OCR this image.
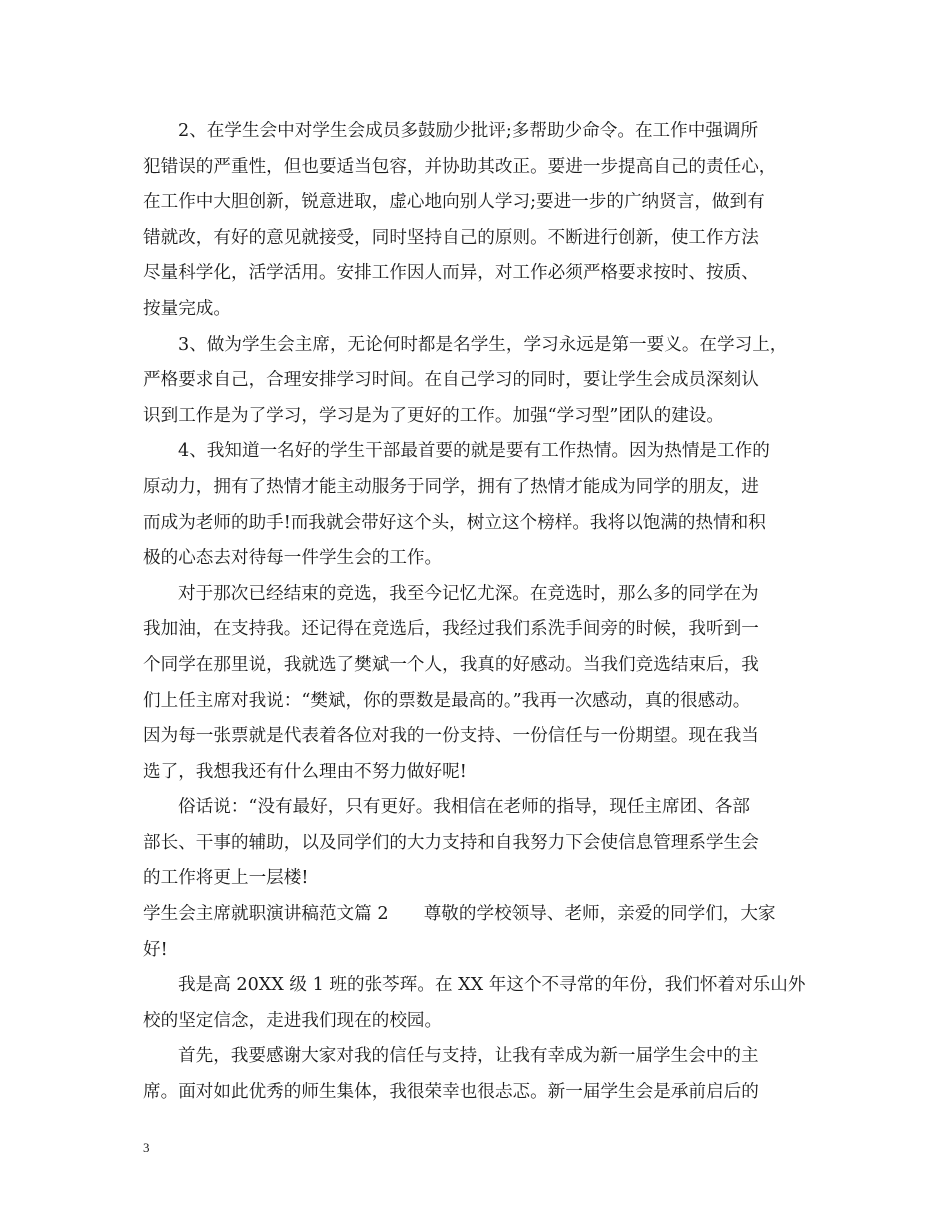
2、在学生会中对学生会成员多鼓励少批评;多帮助少命令。在工作中强调所
犯错误的严重性，但也要适当包容，并协助其改正。要进一步提高自己的责任心，
在工作中大胆创新，锐意进取，虚心地向别人学习;要进一步的广纳贤言，做到有
错就改，有好的意见就接受，同时坚持自己的原则。不断进行创新，使工作方法
尽量科学化，活学活用。安排工作因人而异，对工作必须严格要求按时、按质、
按量完成。
3、做为学生会主席，无论何时都是名学生，学习永远是第一要义。在学习上，
严格要求自己，合理安排学习时间。在自己学习的同时，要让学生会成员深刻认
识到工作是为了学习，学习是为了更好的工作。加强“学习型”团队的建设。
4、我知道一名好的学生干部最首要的就是要有工作热情。因为热情是工作的
原动力，拥有了热情才能主动服务于同学，拥有了热情才能成为同学的朋友，进
而成为老师的助手!而我就会带好这个头，树立这个榜样。我将以饱满的热情和积
极的心态去对待每一件学生会的工作。
对于那次已经结束的竞选，我至今记忆尤深。在竞选时，那么多的同学在为
我加油，在支持我。还记得在竞选后，我经过我们系洗手间旁的时候，我听到一
个同学在那里说，我就选了樊斌一个人，我真的好感动。当我们竞选结束后，我
们上任主席对我说：“樊斌，你的票数是最高的。”我再一次感动，真的很感动。
因为每一张票就是代表着各位对我的一份支持、一份信任与一份期望。现在我当
选了，我想我还有什么理由不努力做好呢!
俗话说：“没有最好，只有更好。我相信在老师的指导，现任主席团、各部
部长、干事的辅助，以及同学们的大力支持和自我努力下会使信息管理系学生会
的工作将更上一层楼!
学生会主席就职演讲稿范文篇 2　　尊敬的学校领导、老师，亲爱的同学们，大家
好!
我是高 20XX 级 1 班的张芩珲。在 XX 年这个不寻常的年份，我们怀着对乐山外
校的坚定信念，走进我们现在的校园。
首先，我要感谢大家对我的信任与支持，让我有幸成为新一届学生会中的主
席。面对如此优秀的师生集体，我很荣幸也很忐忑。新一届学生会是承前启后的
3
